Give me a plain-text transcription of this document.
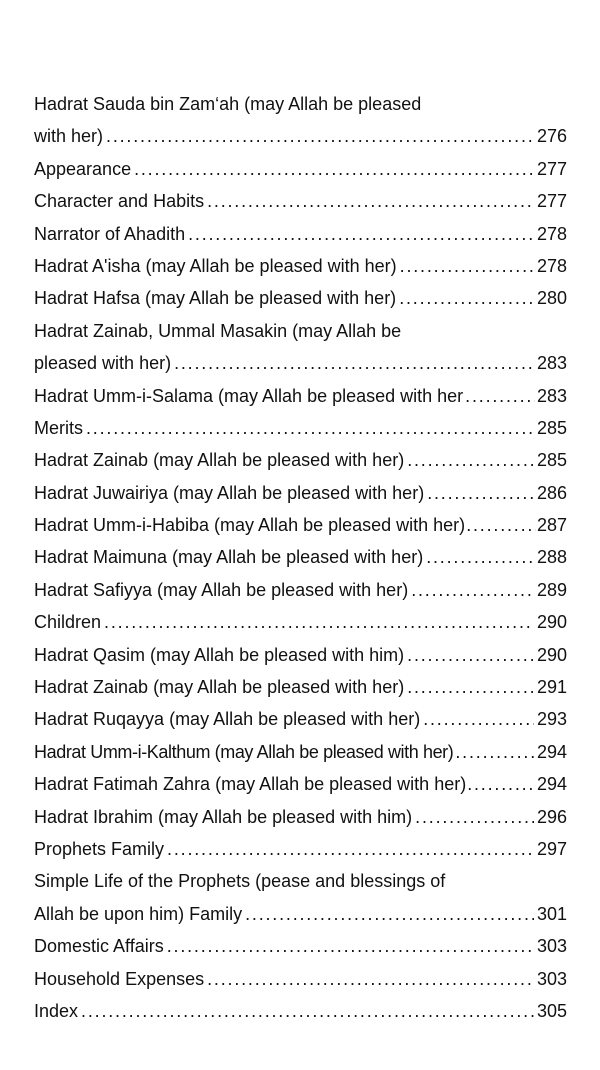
Hadrat Sauda bin Zam‘ah (may Allah be pleased
with her) . . .	276
Appearance . . .	277
Character and Habits . . .	277
Narrator of Ahadith . . .	278
Hadrat A'isha (may Allah be pleased with her) . . .	278
Hadrat Hafsa (may Allah be pleased with her) . . .	280
Hadrat Zainab, Ummal Masakin (may Allah be
pleased with her) . . .	283
Hadrat Umm-i-Salama (may Allah be pleased with her . . .	283
Merits . . .	285
Hadrat Zainab (may Allah be pleased with her) . . .	285
Hadrat Juwairiya (may Allah be pleased with her) . . .	286
Hadrat Umm-i-Habiba (may Allah be pleased with her) . . .	287
Hadrat Maimuna (may Allah be pleased with her) . . .	288
Hadrat Safiyya (may Allah be pleased with her) . . .	289
Children . . .	290
Hadrat Qasim (may Allah be pleased with him) . . .	290
Hadrat Zainab (may Allah be pleased with her) . . .	291
Hadrat Ruqayya (may Allah be pleased with her) . . .	293
Hadrat Umm-i-Kalthum (may Allah be pleased with her) . . .	294
Hadrat Fatimah Zahra (may Allah be pleased with her) . . .	294
Hadrat Ibrahim (may Allah be pleased with him) . . .	296
Prophets Family . . .	297
Simple Life of the Prophets (pease and blessings of
Allah be upon him) Family . . .	301
Domestic Affairs . . .	303
Household Expenses . . .	303
Index . . .	305
